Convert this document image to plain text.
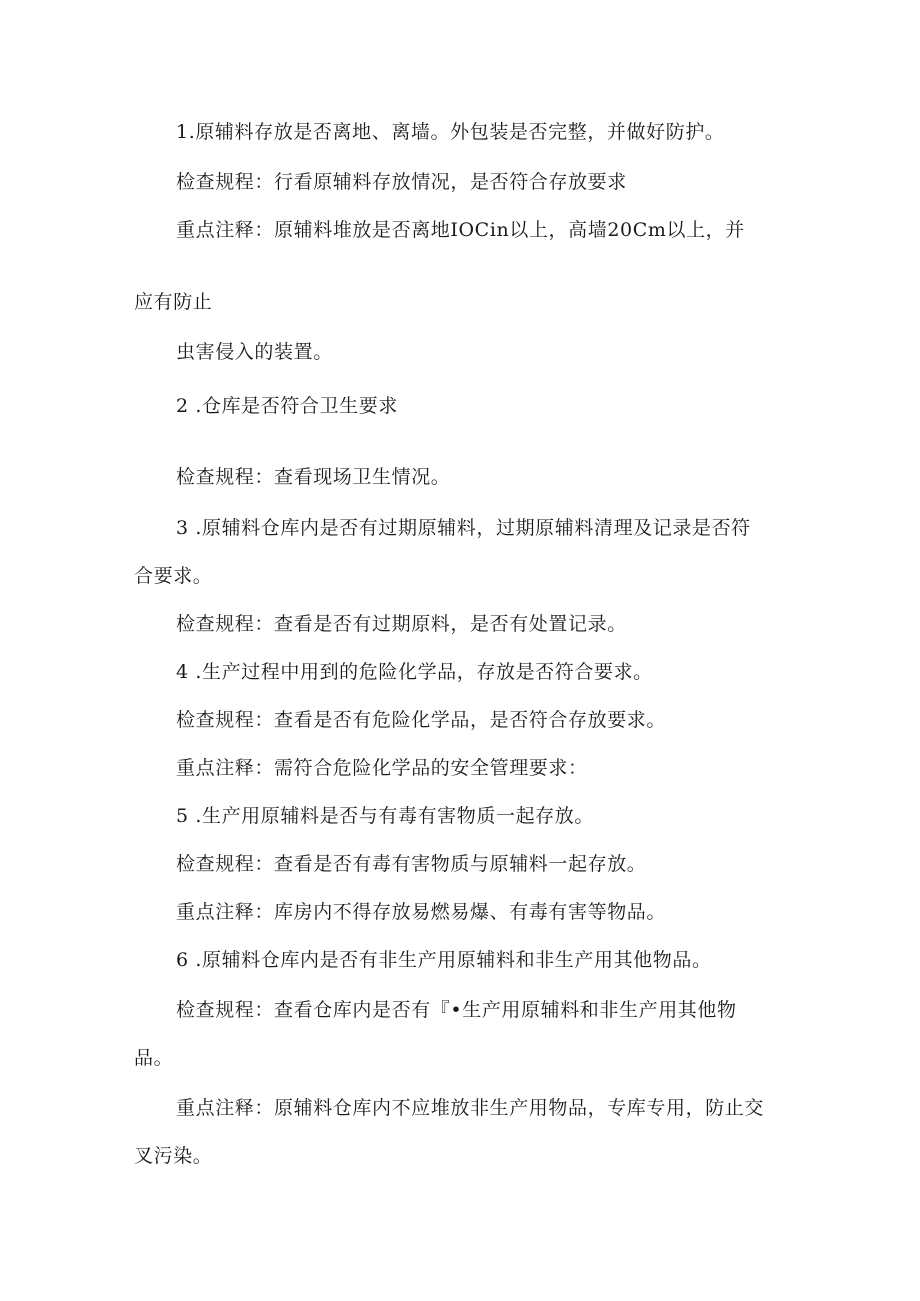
1.原辅料存放是否离地、离墙。外包装是否完整，并做好防护。
检查规程：行看原辅料存放情况，是否符合存放要求
重点注释：原辅料堆放是否离地IOCin以上，高墙20Cm以上，并
应有防止
虫害侵入的装置。
2 .仓库是否符合卫生要求
检查规程：查看现场卫生情况。
3 .原辅料仓库内是否有过期原辅料，过期原辅料清理及记录是否符
合要求。
检查规程：查看是否有过期原料，是否有处置记录。
4 .生产过程中用到的危险化学品，存放是否符合要求。
检查规程：查看是否有危险化学品，是否符合存放要求。
重点注释：需符合危险化学品的安全管理要求：
5 .生产用原辅料是否与有毒有害物质一起存放。
检查规程：查看是否有毒有害物质与原辅料一起存放。
重点注释：库房内不得存放易燃易爆、有毒有害等物品。
6 .原辅料仓库内是否有非生产用原辅料和非生产用其他物品。
检查规程：查看仓库内是否有『•生产用原辅料和非生产用其他物
品。
重点注释：原辅料仓库内不应堆放非生产用物品，专库专用，防止交
叉污染。
